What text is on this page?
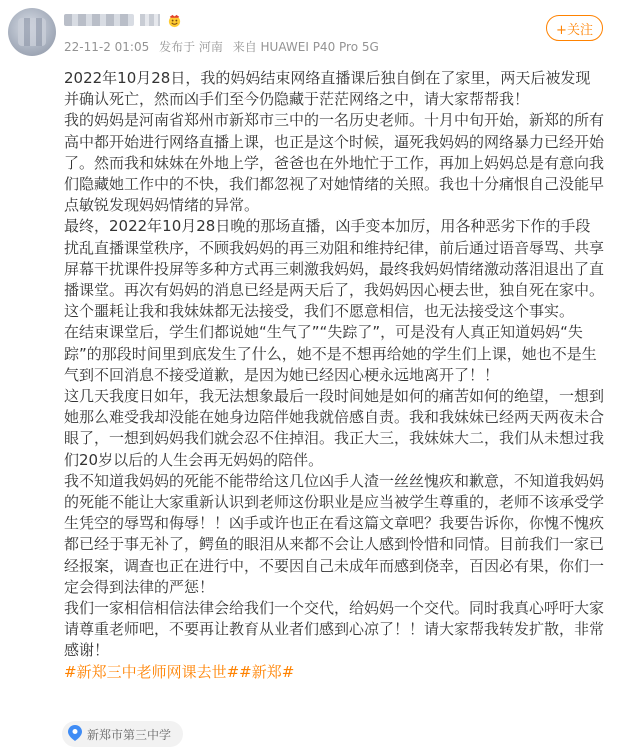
22-11-2 01:05 发布于 河南 来自 HUAWEI P40 Pro 5G
+关注

2022年10月28日，我的妈妈结束网络直播课后独自倒在了家里，两天后被发现并确认死亡，然而凶手们至今仍隐藏于茫茫网络之中，请大家帮帮我！

我的妈妈是河南省郑州市新郑市三中的一名历史老师。十月中旬开始，新郑的所有高中都开始进行网络直播上课，也正是这个时候，逼死我妈妈的网络暴力已经开始了。然而我和妹妹在外地上学，爸爸也在外地忙于工作，再加上妈妈总是有意向我们隐藏她工作中的不快，我们都忽视了对她情绪的关照。我也十分痛恨自己没能早点敏锐发现妈妈情绪的异常。

最终，2022年10月28日晚的那场直播，凶手变本加厉，用各种恶劣下作的手段扰乱直播课堂秩序，不顾我妈妈的再三劝阻和维持纪律，前后通过语音辱骂、共享屏幕干扰课件投屏等多种方式再三刺激我妈妈，最终我妈妈情绪激动落泪退出了直播课堂。再次有妈妈的消息已经是两天后了，我妈妈因心梗去世，独自死在家中。这个噩耗让我和我妹妹都无法接受，我们不愿意相信，也无法接受这个事实。

在结束课堂后，学生们都说她“生气了”“失踪了”，可是没有人真正知道妈妈“失踪”的那段时间里到底发生了什么，她不是不想再给她的学生们上课，她也不是生气到不回消息不接受道歉，是因为她已经因心梗永远地离开了！！

这几天我度日如年，我无法想象最后一段时间她是如何的痛苦如何的绝望，一想到她那么难受我却没能在她身边陪伴她我就倍感自责。我和我妹妹已经两天两夜未合眼了，一想到妈妈我们就会忍不住掉泪。我正大三，我妹妹大二，我们从未想过我们20岁以后的人生会再无妈妈的陪伴。

我不知道我妈妈的死能不能带给这几位凶手人渣一丝丝愧疚和歉意，不知道我妈妈的死能不能让大家重新认识到老师这份职业是应当被学生尊重的，老师不该承受学生凭空的辱骂和侮辱！！凶手或许也正在看这篇文章吧？我要告诉你，你愧不愧疚都已经于事无补了，鳄鱼的眼泪从来都不会让人感到怜惜和同情。目前我们一家已经报案，调查也正在进行中，不要因自己未成年而感到侥幸，百因必有果，你们一定会得到法律的严惩！

我们一家相信相信法律会给我们一个交代，给妈妈一个交代。同时我真心呼吁大家请尊重老师吧，不要再让教育从业者们感到心凉了！！请大家帮我转发扩散，非常感谢！

#新郑三中老师网课去世##新郑#

新郑市第三中学
